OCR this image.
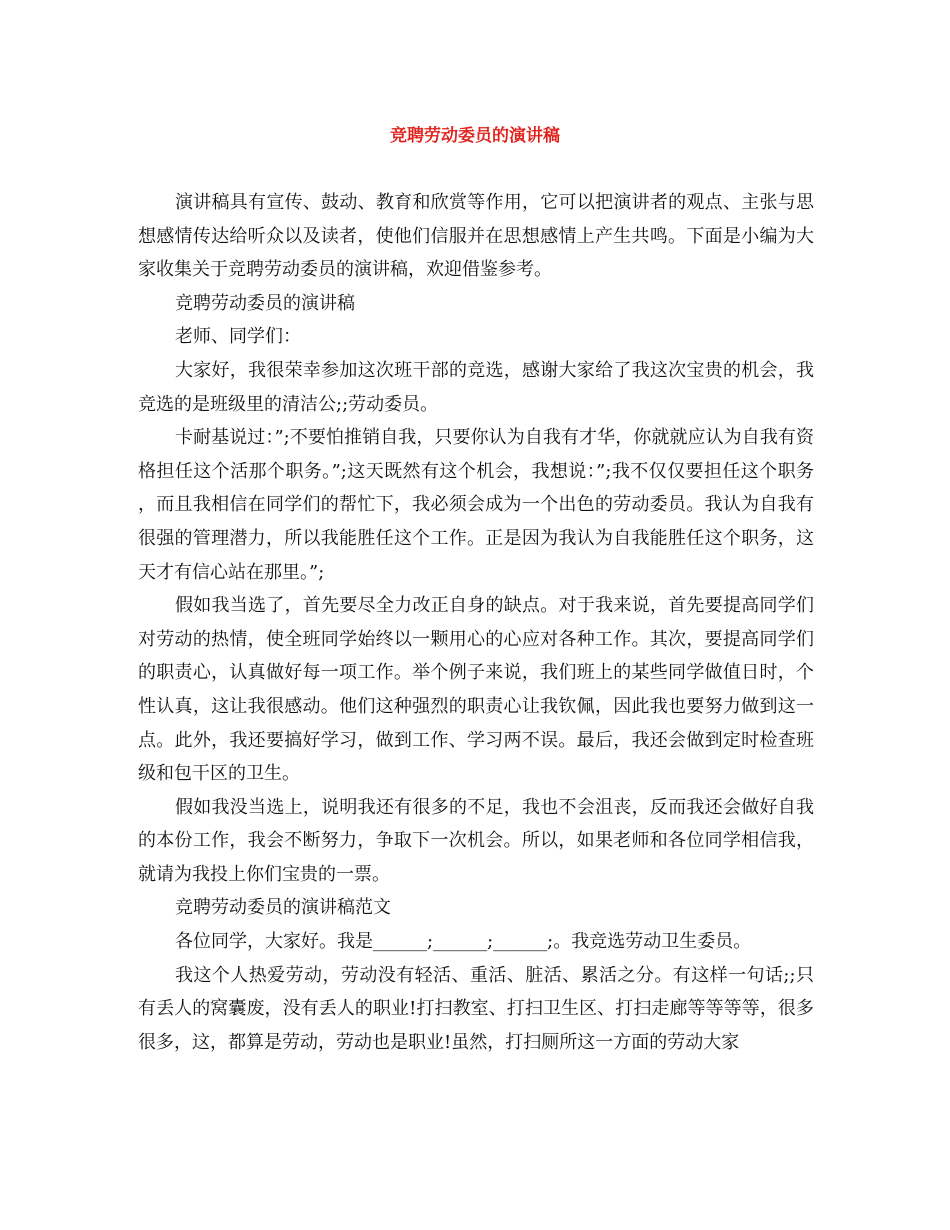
竞聘劳动委员的演讲稿

演讲稿具有宣传、鼓动、教育和欣赏等作用，它可以把演讲者的观点、主张与思想感情传达给听众以及读者，使他们信服并在思想感情上产生共鸣。下面是小编为大家收集关于竞聘劳动委员的演讲稿，欢迎借鉴参考。

竞聘劳动委员的演讲稿

老师、同学们：

大家好，我很荣幸参加这次班干部的竞选，感谢大家给了我这次宝贵的机会，我竞选的是班级里的清洁公;;劳动委员。

卡耐基说过：”;不要怕推销自我，只要你认为自我有才华，你就就应认为自我有资格担任这个活那个职务。”;这天既然有这个机会，我想说：”;我不仅仅要担任这个职务，而且我相信在同学们的帮忙下，我必须会成为一个出色的劳动委员。我认为自我有很强的管理潜力，所以我能胜任这个工作。正是因为我认为自我能胜任这个职务，这天才有信心站在那里。”;

假如我当选了，首先要尽全力改正自身的缺点。对于我来说，首先要提高同学们对劳动的热情，使全班同学始终以一颗用心的心应对各种工作。其次，要提高同学们的职责心，认真做好每一项工作。举个例子来说，我们班上的某些同学做值日时，个性认真，这让我很感动。他们这种强烈的职责心让我钦佩，因此我也要努力做到这一点。此外，我还要搞好学习，做到工作、学习两不误。最后，我还会做到定时检查班级和包干区的卫生。

假如我没当选上，说明我还有很多的不足，我也不会沮丧，反而我还会做好自我的本份工作，我会不断努力，争取下一次机会。所以，如果老师和各位同学相信我，就请为我投上你们宝贵的一票。

竞聘劳动委员的演讲稿范文

各位同学，大家好。我是______;______;______;。我竞选劳动卫生委员。

我这个人热爱劳动，劳动没有轻活、重活、脏活、累活之分。有这样一句话;;只有丢人的窝囊废，没有丢人的职业!打扫教室、打扫卫生区、打扫走廊等等等等，很多很多，这，都算是劳动，劳动也是职业!虽然，打扫厕所这一方面的劳动大家
